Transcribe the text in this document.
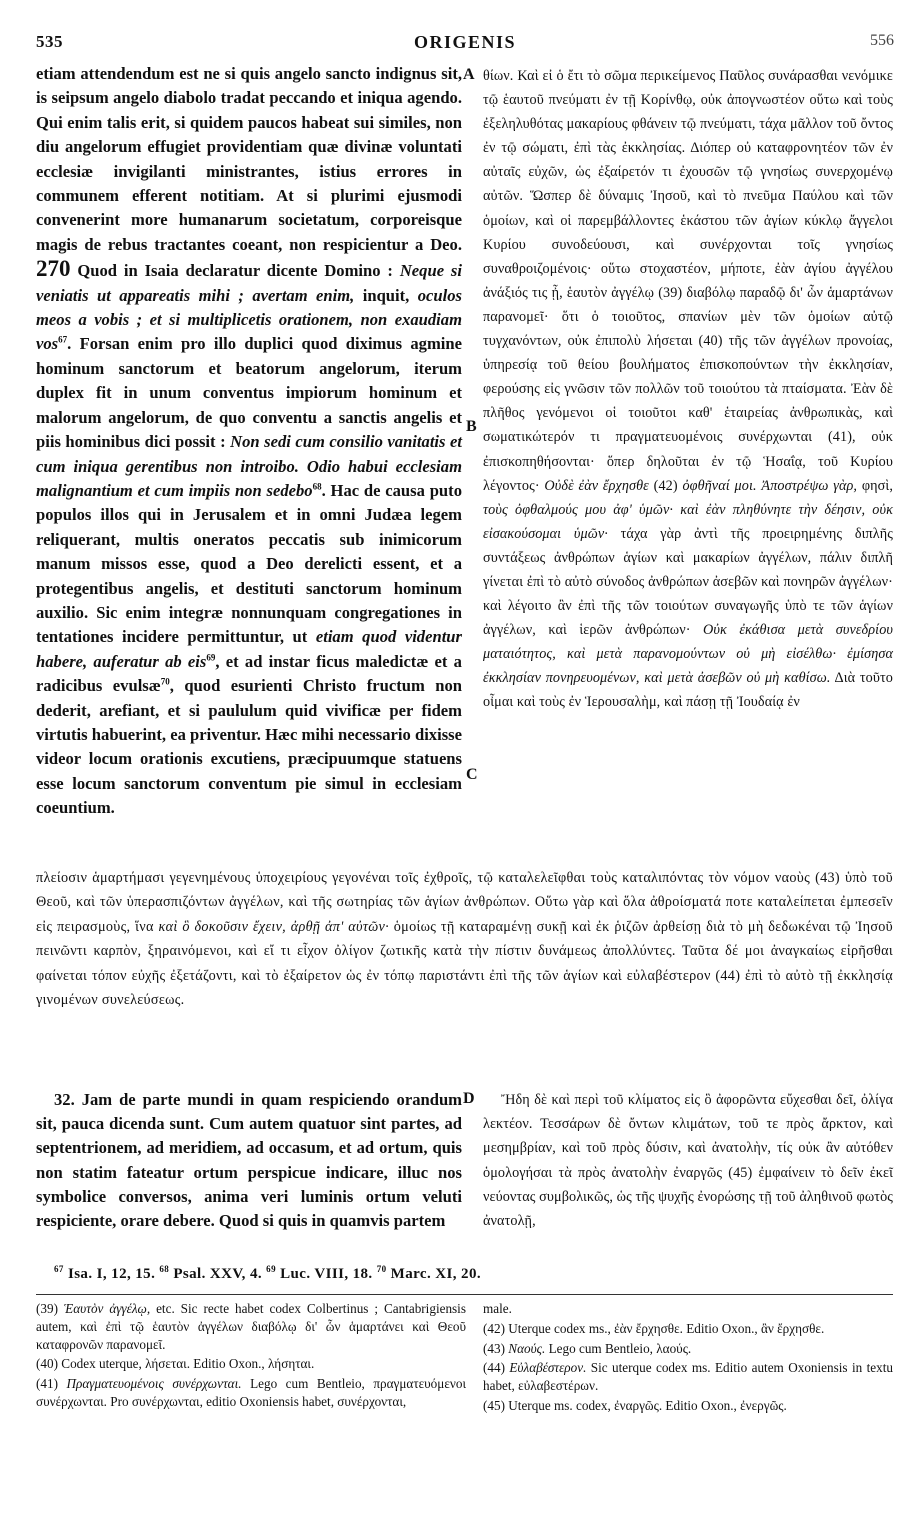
535	ORIGENIS	556

etiam attendendum est ne si quis angelo sancto indignus sit, is seipsum angelo diabolo tradat peccando et iniqua agendo. Qui enim talis erit, si quidem paucos habeat sui similes, non diu angelorum effugiet providentiam quæ divinæ voluntati ecclesiæ invigilanti ministrantes, istius errores in communem efferent notitiam. At si plurimi ejusmodi convenerint more humanarum societatum, corporeisque magis de rebus tractantes coeant, non respicientur a Deo. 270 Quod in Isaia declaratur dicente Domino : Neque si veniatis ut appareatis mihi ; avertam enim, inquit, oculos meos a vobis ; et si multiplicetis orationem, non exaudiam vos$^{67}$. Forsan enim pro illo duplici quod diximus agmine hominum sanctorum et beatorum angelorum, iterum duplex fit in unum conventus impiorum hominum et malorum angelorum, de quo conventu a sanctis angelis et piis hominibus dici possit : Non sedi cum consilio vanitatis et cum iniqua gerentibus non introibo. Odio habui ecclesiam malignantium et cum impiis non sedebo$^{68}$. Hac de causa puto populos illos qui in Jerusalem et in omni Judæa legem reliquerant, multis oneratos peccatis sub inimicorum manum missos esse, quod a Deo derelicti essent, et a protegentibus angelis, et destituti sanctorum hominum auxilio. Sic enim integræ nonnunquam congregationes in tentationes incidere permittuntur, ut etiam quod videntur habere, auferatur ab eis$^{69}$, et ad instar ficus maledictæ et a radicibus evulsæ$^{70}$, quod esurienti Christo fructum non dederit, arefiant, et si paululum quid vivificæ per fidem virtutis habuerint, ea priventur. Hæc mihi necessario dixisse videor locum orationis excutiens, præcipuumque statuens esse locum sanctorum conventum pie simul in ecclesiam coeuntium.

θίων. Καὶ εἰ ὁ ἔτι τὸ σῶμα περικείμενος Παῦλος συνάρασθαι νενόμικε τῷ ἑαυτοῦ πνεύματι ἐν τῇ Κορίνθῳ, οὐκ ἀπογνωστέον οὕτω καὶ τοὺς ἐξεληλυθότας μακαρίους φθάνειν τῷ πνεύματι, τάχα μᾶλλον τοῦ ὄντος ἐν τῷ σώματι, ἐπὶ τὰς ἐκκλησίας. Διόπερ οὐ καταφρονητέον τῶν ἐν αὐταῖς εὐχῶν, ὡς ἐξαίρετόν τι ἐχουσῶν τῷ γνησίως συνερχομένῳ αὐτῶν. Ὥσπερ δὲ δύναμις Ἰησοῦ, καὶ τὸ πνεῦμα Παύλου καὶ τῶν ὁμοίων, καὶ οἱ παρεμβάλλοντες ἑκάστου τῶν ἁγίων κύκλῳ ἄγγελοι Κυρίου συνοδεύουσι, καὶ συνέρχονται τοῖς γνησίως συναθροιζομένοις· οὕτω στοχαστέον, μήποτε, ἐὰν ἁγίου ἀγγέλου ἀνάξιός τις ᾖ, ἑαυτὸν ἀγγέλῳ (39) διαβόλῳ παραδῷ δι' ὧν ἁμαρτάνων παρανομεῖ· ὅτι ὁ τοιοῦτος, σπανίων μὲν τῶν ὁμοίων αὐτῷ τυγχανόντων, οὐκ ἐπιπολὺ λήσεται (40) τῆς τῶν ἀγγέλων προνοίας, ὑπηρεσίᾳ τοῦ θείου βουλήματος ἐπισκοπούντων τὴν ἐκκλησίαν, φερούσης εἰς γνῶσιν τῶν πολλῶν τοῦ τοιούτου τὰ πταίσματα. Ἐὰν δὲ πλῆθος γενόμενοι οἱ τοιοῦτοι καθ' ἑταιρείας ἀνθρωπικὰς, καὶ σωματικώτερόν τι πραγματευομένοις συνέρχωνται (41), οὐκ ἐπισκοπηθήσονται· ὅπερ δηλοῦται ἐν τῷ Ἡσαΐᾳ, τοῦ Κυρίου λέγοντος· Οὐδὲ ἐὰν ἔρχησθε (42) ὀφθῆναί μοι. Ἀποστρέψω γὰρ, φησὶ, τοὺς ὀφθαλμούς μου ἀφ' ὑμῶν· καὶ ἐὰν πληθύνητε τὴν δέησιν, οὐκ εἰσακούσομαι ὑμῶν· τάχα γὰρ ἀντὶ τῆς προειρημένης διπλῆς συντάξεως ἀνθρώπων ἁγίων καὶ μακαρίων ἀγγέλων, πάλιν διπλῆ γίνεται ἐπὶ τὸ αὐτὸ σύνοδος ἀνθρώπων ἀσεβῶν καὶ πονηρῶν ἀγγέλων· καὶ λέγοιτο ἂν ἐπὶ τῆς τῶν τοιούτων συναγωγῆς ὑπὸ τε τῶν ἁγίων ἀγγέλων, καὶ ἱερῶν ἀνθρώπων· Οὐκ ἐκάθισα μετὰ συνεδρίου ματαιότητος, καὶ μετὰ παρανομούντων οὐ μὴ εἰσέλθω· ἐμίσησα ἐκκλησίαν πονηρευομένων, καὶ μετὰ ἀσεβῶν οὐ μὴ καθίσω. Διὰ τοῦτο οἶμαι καὶ τοὺς ἐν Ἱερουσαλὴμ, καὶ πάσῃ τῇ Ἰουδαίᾳ ἐν

A
B
C
D

πλείοσιν ἁμαρτήμασι γεγενημένους ὑποχειρίους γεγονέναι τοῖς ἐχθροῖς, τῷ καταλελεῖφθαι τοὺς καταλιπόντας τὸν νόμον ναοὺς (43) ὑπὸ τοῦ Θεοῦ, καὶ τῶν ὑπερασπιζόντων ἀγγέλων, καὶ τῆς σωτηρίας τῶν ἁγίων ἀνθρώπων. Οὕτω γὰρ καὶ ὅλα ἀθροίσματά ποτε καταλείπεται ἐμπεσεῖν εἰς πειρασμοὺς, ἵνα καὶ ὃ δοκοῦσιν ἔχειν, ἀρθῇ ἀπ' αὐτῶν· ὁμοίως τῇ καταραμένῃ συκῇ καὶ ἐκ ῥιζῶν ἀρθείσῃ διὰ τὸ μὴ δεδωκέναι τῷ Ἰησοῦ πεινῶντι καρπὸν, ξηραινόμενοι, καὶ εἴ τι εἶχον ὀλίγον ζωτικῆς κατὰ τὴν πίστιν δυνάμεως ἀπολλύντες. Ταῦτα δέ μοι ἀναγκαίως εἰρῆσθαι φαίνεται τόπον εὐχῆς ἐξετάζοντι, καὶ τὸ ἐξαίρετον ὡς ἐν τόπῳ παριστάντι ἐπὶ τῆς τῶν ἁγίων καὶ εὐλαβέστερον (44) ἐπὶ τὸ αὐτὸ τῇ ἐκκλησίᾳ γινομένων συνελεύσεως.

32. Jam de parte mundi in quam respiciendo orandum sit, pauca dicenda sunt. Cum autem quatuor sint partes, ad septentrionem, ad meridiem, ad occasum, et ad ortum, quis non statim fateatur ortum perspicue indicare, illuc nos symbolice conversos, anima veri luminis ortum veluti respiciente, orare debere. Quod si quis in quamvis partem

Ἤδη δὲ καὶ περὶ τοῦ κλίματος εἰς ὃ ἀφορῶντα εὔχεσθαι δεῖ, ὀλίγα λεκτέον. Τεσσάρων δὲ ὄντων κλιμάτων, τοῦ τε πρὸς ἄρκτον, καὶ μεσημβρίαν, καὶ τοῦ πρὸς δύσιν, καὶ ἀνατολὴν, τίς οὐκ ἂν αὐτόθεν ὁμολογήσαι τὰ πρὸς ἀνατολὴν ἐναργῶς (45) ἐμφαίνειν τὸ δεῖν ἐκεῖ νεύοντας συμβολικῶς, ὡς τῆς ψυχῆς ἐνορώσης τῇ τοῦ ἀληθινοῦ φωτὸς ἀνατολῇ,

$^{67}$ Isa. I, 12, 15. $^{68}$ Psal. XXV, 4. $^{69}$ Luc. VIII, 18. $^{70}$ Marc. XI, 20.

(39) Ἑαυτὸν ἀγγέλῳ, etc. Sic recte habet codex Colbertinus ; Cantabrigiensis autem, καὶ ἐπὶ τῷ ἑαυτὸν ἀγγέλων διαβόλῳ δι' ὧν ἁμαρτάνει καὶ Θεοῦ καταφρονῶν παρανομεῖ.

(40) Codex uterque, λήσεται. Editio Oxon., λήσηται.

(41) Πραγματευομένοις συνέρχωνται. Lego cum Bentleio, πραγματευόμενοι συνέρχωνται. Pro συνέρχωνται, editio Oxoniensis habet, συνέρχονται,

male.

(42) Uterque codex ms., ἐὰν ἔρχησθε. Editio Oxon., ἂν ἔρχησθε.

(43) Ναούς. Lego cum Bentleio, λαούς.

(44) Εὐλαβέστερον. Sic uterque codex ms. Editio autem Oxoniensis in textu habet, εὐλαβεστέρων.

(45) Uterque ms. codex, ἐναργῶς. Editio Oxon., ἐνεργῶς.
